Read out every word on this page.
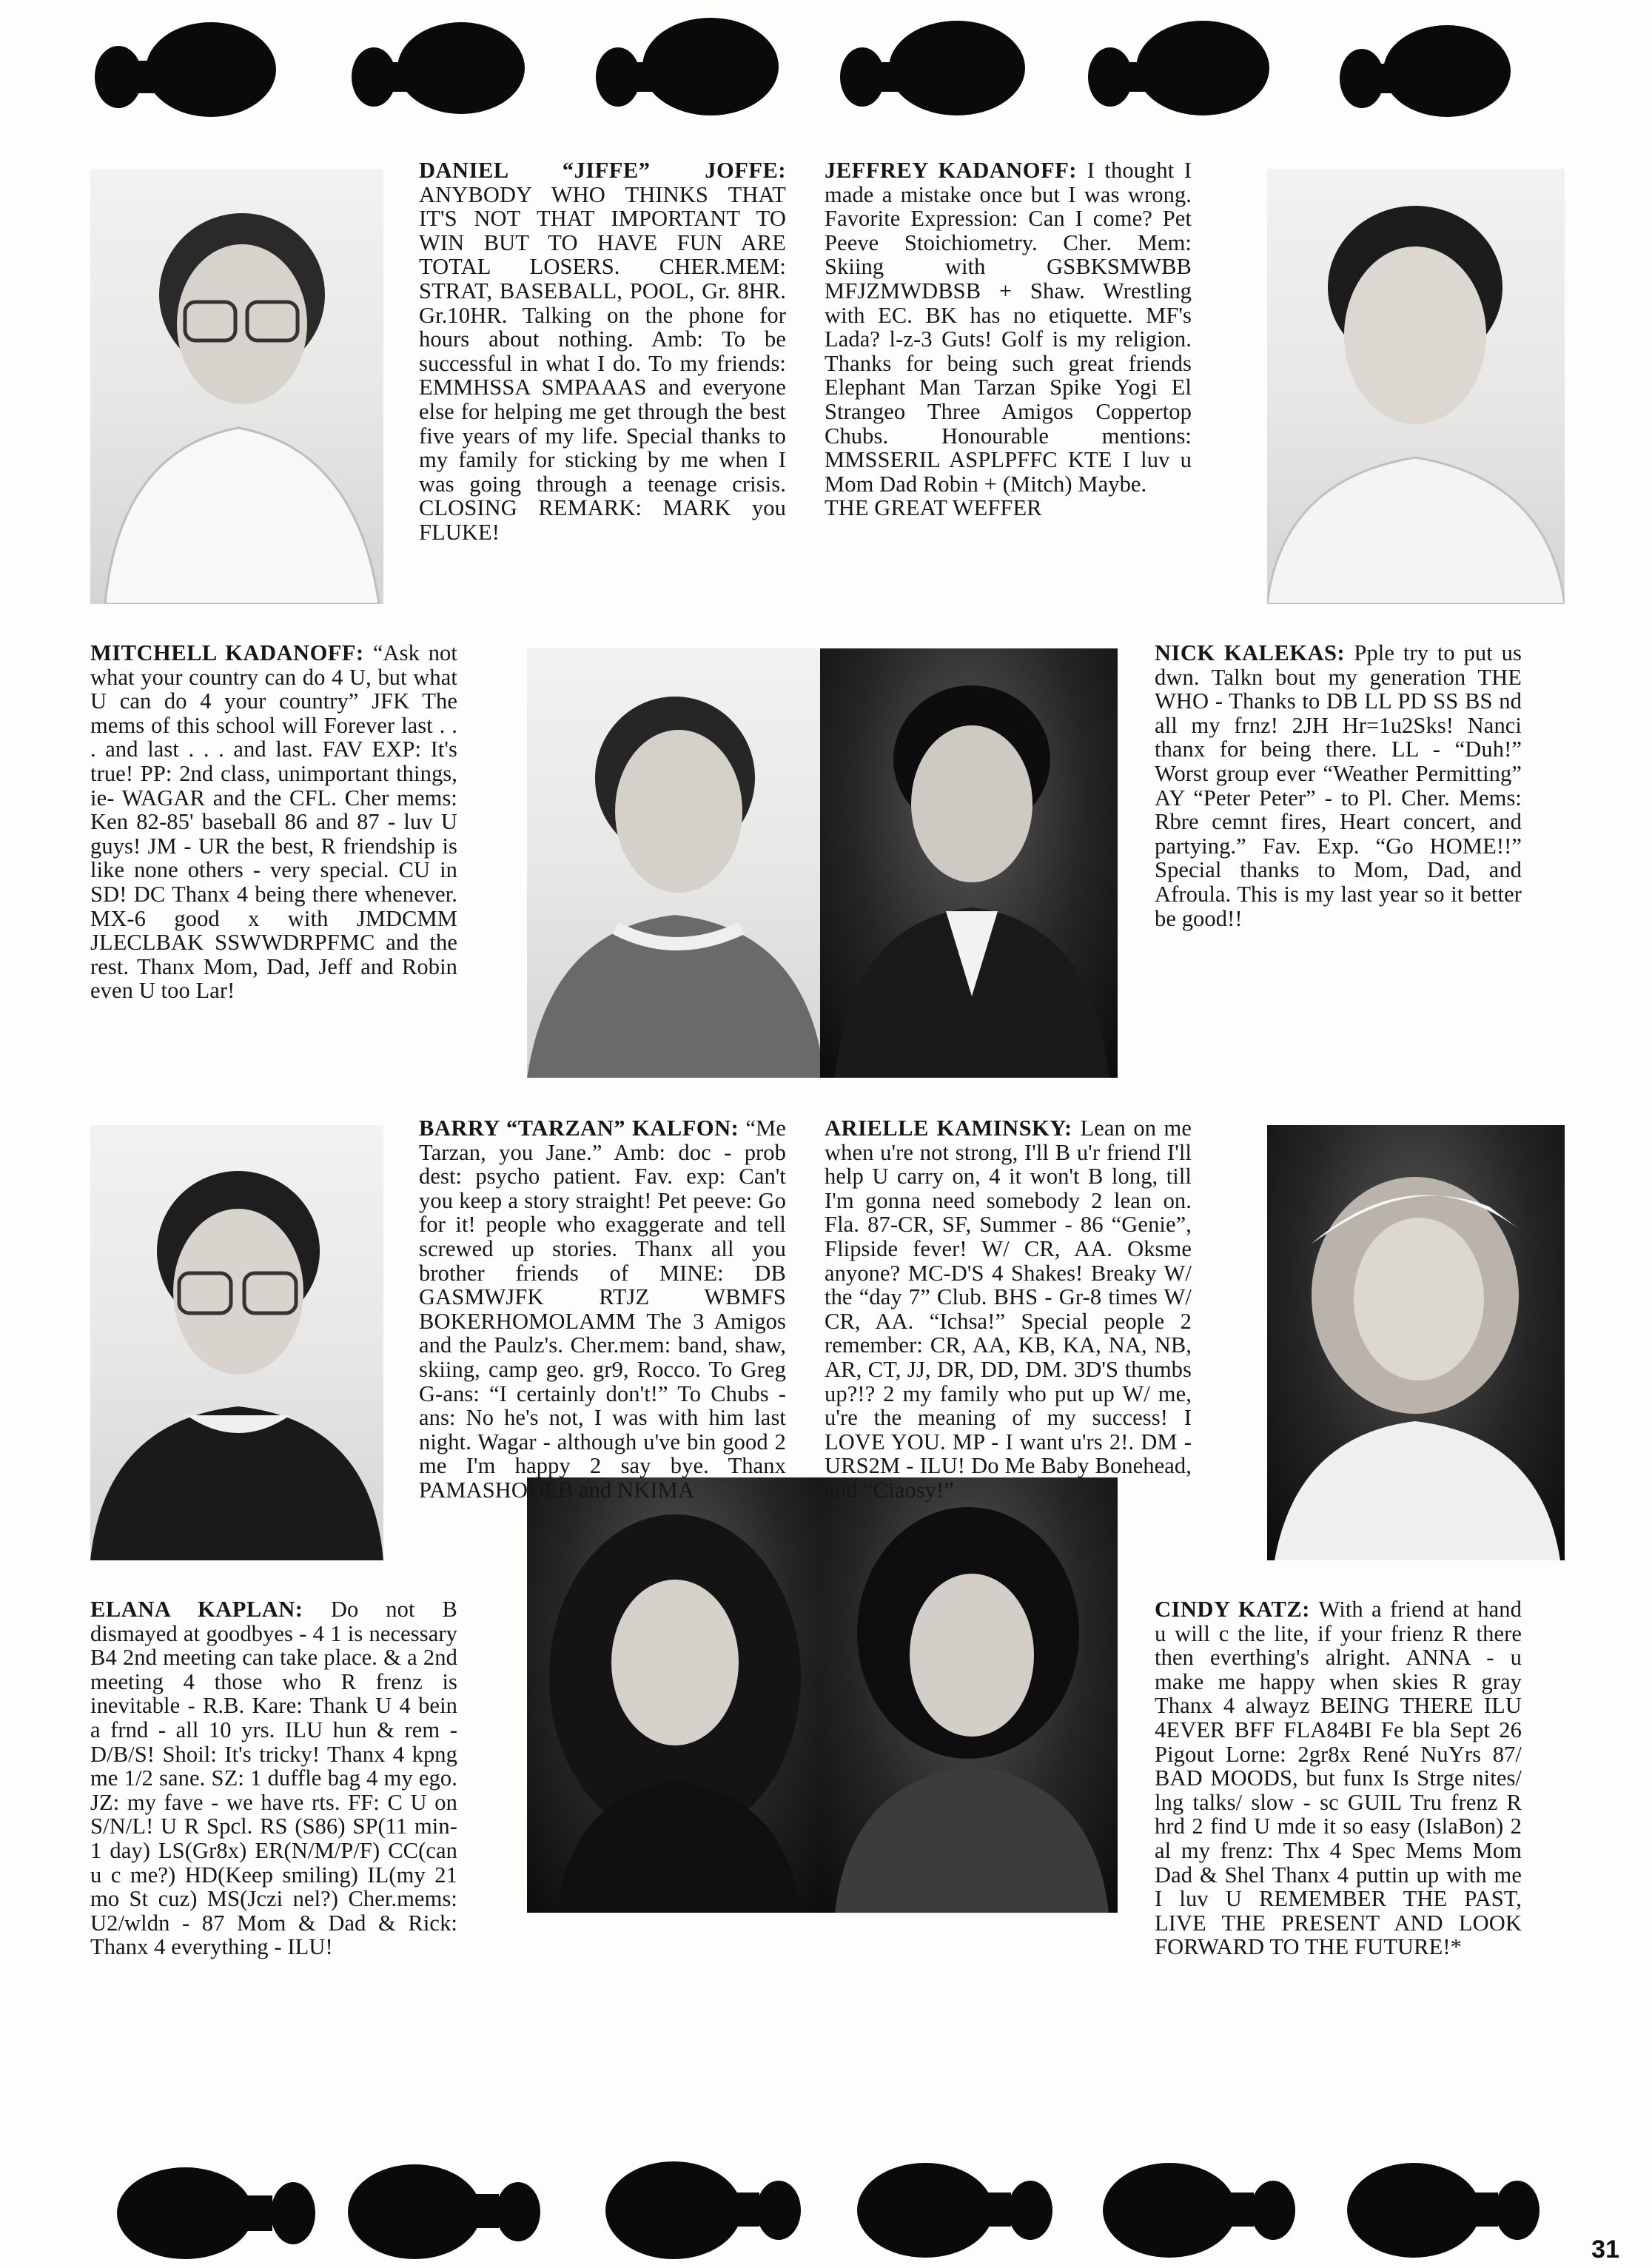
DANIEL “JIFFE” JOFFE: ANYBODY WHO THINKS THAT IT'S NOT THAT IMPORTANT TO WIN BUT TO HAVE FUN ARE TOTAL LOSERS. CHER.MEM: STRAT, BASEBALL, POOL, Gr. 8HR. Gr.10HR. Talking on the phone for hours about nothing. Amb: To be successful in what I do. To my friends: EMMHSSA SMPAAAS and everyone else for helping me get through the best five years of my life. Special thanks to my family for sticking by me when I was going through a teenage crisis. CLOSING REMARK: MARK you FLUKE!
JEFFREY KADANOFF: I thought I made a mistake once but I was wrong. Favorite Expression: Can I come? Pet Peeve Stoichiometry. Cher. Mem: Skiing with GSBKSMWBB MFJZMWDBSB + Shaw. Wrestling with EC. BK has no etiquette. MF's Lada? l-z-3 Guts! Golf is my religion. Thanks for being such great friends Elephant Man Tarzan Spike Yogi El Strangeo Three Amigos Coppertop Chubs. Honourable mentions: MMSSERIL ASPLPFFC KTE I luv u Mom Dad Robin + (Mitch) Maybe.
THE GREAT WEFFER
MITCHELL KADANOFF: “Ask not what your country can do 4 U, but what U can do 4 your country” JFK The mems of this school will Forever last . . . and last . . . and last. FAV EXP: It's true! PP: 2nd class, unimportant things, ie- WAGAR and the CFL. Cher mems: Ken 82-85' baseball 86 and 87 - luv U guys! JM - UR the best, R friendship is like none others - very special. CU in SD! DC Thanx 4 being there whenever. MX-6 good x with JMDCMM JLECLBAK SSWWDRPFMC and the rest. Thanx Mom, Dad, Jeff and Robin even U too Lar!
NICK KALEKAS: Pple try to put us dwn. Talkn bout my generation THE WHO - Thanks to DB LL PD SS BS nd all my frnz! 2JH Hr=1u2Sks! Nanci thanx for being there. LL - “Duh!” Worst group ever “Weather Permitting” AY “Peter Peter” - to Pl. Cher. Mems: Rbre cemnt fires, Heart concert, and partying.” Fav. Exp. “Go HOME!!” Special thanks to Mom, Dad, and Afroula. This is my last year so it better be good!!
BARRY “TARZAN” KALFON: “Me Tarzan, you Jane.” Amb: doc - prob dest: psycho patient. Fav. exp: Can't you keep a story straight! Pet peeve: Go for it! people who exaggerate and tell screwed up stories. Thanx all you brother friends of MINE: DB GASMWJFK RTJZ WBMFS BOKERHOMOLAMM The 3 Amigos and the Paulz's. Cher.mem: band, shaw, skiing, camp geo. gr9, Rocco. To Greg G-ans: “I certainly don't!” To Chubs - ans: No he's not, I was with him last night. Wagar - although u've bin good 2 me I'm happy 2 say bye. Thanx PAMASHODEB and NKIMA
ARIELLE KAMINSKY: Lean on me when u're not strong, I'll B u'r friend I'll help U carry on, 4 it won't B long, till I'm gonna need somebody 2 lean on. Fla. 87-CR, SF, Summer - 86 “Genie”, Flipside fever! W/ CR, AA. Oksme anyone? MC-D'S 4 Shakes! Breaky W/ the “day 7” Club. BHS - Gr-8 times W/ CR, AA. “Ichsa!” Special people 2 remember: CR, AA, KB, KA, NA, NB, AR, CT, JJ, DR, DD, DM. 3D'S thumbs up?!? 2 my family who put up W/ me, u're the meaning of my success! I LOVE YOU. MP - I want u'rs 2!. DM - URS2M - ILU! Do Me Baby Bonehead, and “Ciaosy!”
ELANA KAPLAN: Do not B dismayed at goodbyes - 4 1 is necessary B4 2nd meeting can take place. & a 2nd meeting 4 those who R frenz is inevitable - R.B. Kare: Thank U 4 bein a frnd - all 10 yrs. ILU hun & rem - D/B/S! Shoil: It's tricky! Thanx 4 kpng me 1/2 sane. SZ: 1 duffle bag 4 my ego. JZ: my fave - we have rts. FF: C U on S/N/L! U R Spcl. RS (S86) SP(11 min-1 day) LS(Gr8x) ER(N/M/P/F) CC(can u c me?) HD(Keep smiling) IL(my 21 mo St cuz) MS(Jczi nel?) Cher.mems: U2/wldn - 87 Mom & Dad & Rick: Thanx 4 everything - ILU!
CINDY KATZ: With a friend at hand u will c the lite, if your frienz R there then everthing's alright. ANNA - u make me happy when skies R gray Thanx 4 alwayz BEING THERE ILU 4EVER BFF FLA84BI Fe bla Sept 26 Pigout Lorne: 2gr8x René NuYrs 87/ BAD MOODS, but funx Is Strge nites/ lng talks/ slow - sc GUIL Tru frenz R hrd 2 find U mde it so easy (IslaBon) 2 al my frenz: Thx 4 Spec Mems Mom Dad & Shel Thanx 4 puttin up with me I luv U REMEMBER THE PAST, LIVE THE PRESENT AND LOOK FORWARD TO THE FUTURE!*
31
